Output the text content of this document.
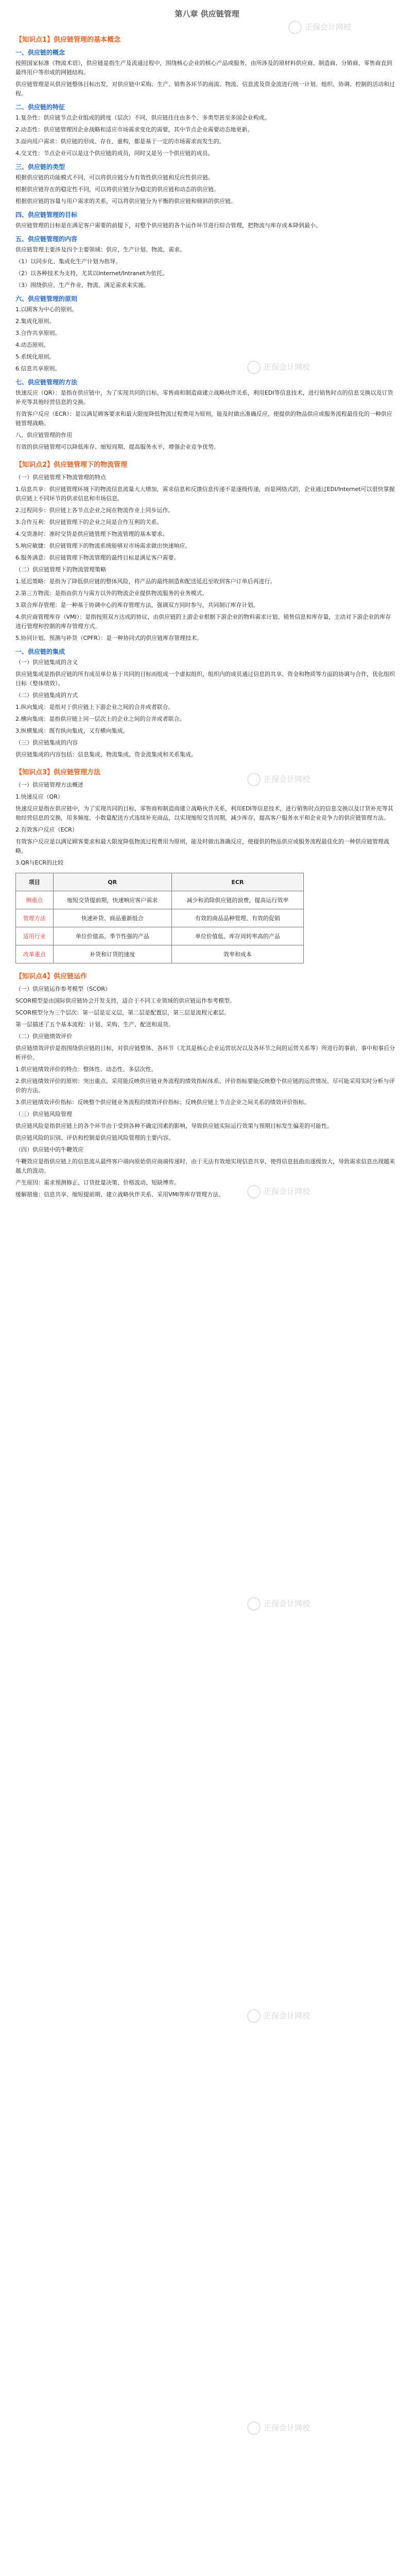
第八章 供应链管理
正保会计网校
正保会计网校
正保会计网校
正保会计网校
正保会计网校
正保会计网校
正保会计网校
【知识点1】供应链管理的基本概念

一、供应链的概念

按照国家标准《物流术语》，供应链是指生产及流通过程中，围绕核心企业的核心产品或服务，由所涉及的原材料供应商、制造商、分销商、零售商直到最终用户等形成的网链结构。

供应链管理是从供应链整体目标出发，对供应链中采购、生产、销售各环节的商流、物流、信息流及资金流进行统一计划、组织、协调、控制的活动和过程。

二、供应链的特征

1.复杂性：供应链节点企业组成的跨度（层次）不同，供应链往往由多个、多类型甚至多国企业构成。

2.动态性：供应链管理因企业战略和适应市场需求变化的需要，其中节点企业需要动态地更新。

3.面向用户需求：供应链的形成、存在、重构，都是基于一定的市场需求而发生的。

4.交叉性：节点企业可以是这个供应链的成员，同时又是另一个供应链的成员。

三、供应链的类型

根据供应链的功能模式不同，可以将供应链分为有效性供应链和反应性供应链。

根据供应链存在的稳定性不同，可以将供应链分为稳定的供应链和动态的供应链。

根据供应链的容量与用户需求的关系，可以将供应链分为平衡的供应链和倾斜的供应链。

四、供应链管理的目标

供应链管理的目标是在满足客户需要的前提下，对整个供应链的各个运作环节进行综合管理，把物流与库存成本降到最小。

五、供应链管理的内容

供应链管理主要涉及四个主要领域：供应、生产计划、物流、需求。

（1）以同步化、集成化生产计划为指导。

（2）以各种技术为支持，尤其以Internet/Intranet为依托。

（3）围绕供应、生产作业、物流、满足需求来实施。

六、供应链管理的原则

1.以顾客为中心的原则。

2.集成化原则。

3.合作共享原则。

4.动态原则。

5.系统化原则。

6.信息共享原则。

七、供应链管理的方法

快速反应（QR）：是指在供应链中，为了实现共同的目标，零售商和制造商建立战略伙伴关系，利用EDI等信息技术，进行销售时点的信息交换以及订货补充等其他经营信息的交换。

有效客户反应（ECR）：是以满足顾客要求和最大限度降低物流过程费用为原则，能及时做出准确反应，使提供的物品供应或服务流程最佳化的一种供应链管理战略。

八、供应链管理的作用

有效的供应链管理可以降低库存、缩短周期、提高服务水平，增强企业竞争优势。

【知识点2】供应链管理下的物流管理

（一）供应链管理下物流管理的特点

1.信息共享：供应链管理环境下的物流信息流量大大增加，需求信息和反馈信息传递不是逐级传递，而是网络式的，企业通过EDI/Internet可以很快掌握供应链上不同环节的供求信息和市场信息。

2.过程同步：供应链上各节点企业之间在物流作业上同步运作。

3.合作互利：供应链管理下的企业之间是合作互利的关系。

4.交货准时：准时交货是供应链管理下物流管理的基本要求。

5.响应敏捷：供应链管理下的物流系统能够对市场需求做出快速响应。

6.服务满意：供应链管理下物流管理的最终目标是满足客户需要。

（二）供应链管理下的物流管理策略

1.延迟策略：是指为了降低供应链的整体风险，将产品的最终制造和配送延迟至收到客户订单后再进行。

2.第三方物流：是指由供方与需方以外的物流企业提供物流服务的业务模式。

3.联合库存管理：是一种基于协调中心的库存管理方法，强调双方同时参与，共同制订库存计划。

4.供应商管理库存（VMI）：是指按照双方达成的协议，由供应链的上游企业根据下游企业的物料需求计划、销售信息和库存量，主动对下游企业的库存进行管理和控制的库存管理方式。

5.协同计划、预测与补货（CPFR）：是一种协同式的供应链库存管理技术。

一、供应链的集成

（一）供应链集成的含义

供应链集成是指供应链的所有成员单位基于共同的目标而组成一个虚拟组织，组织内的成员通过信息的共享、资金和物质等方面的协调与合作，优化组织目标（整体绩效）。

（二）供应链集成的方式

1.纵向集成：是指对于供应链上下游企业之间的合并或者联合。

2.横向集成：是指供应链上同一层次上的企业之间的合并或者联合。

3.纵横集成：既有纵向集成，又有横向集成。

（三）供应链集成的内容

供应链集成的内容包括：信息集成、物流集成、资金流集成和关系集成。

【知识点3】供应链管理方法

（一）供应链管理方法概述

1.快速反应（QR）

快速反应是指在供应链中，为了实现共同的目标，零售商和制造商建立战略伙伴关系，利用EDI等信息技术，进行销售时点的信息交换以及订货补充等其他经营信息的交换，用多频度、小数量配送方式连续补充商品，以实现缩短交货周期，减少库存，提高客户服务水平和企业竞争力的供应链管理方法。

2.有效客户反应（ECR）

有效客户反应是以满足顾客要求和最大限度降低物流过程费用为原则，能及时做出准确反应，使提供的物品供应或服务流程最佳化的一种供应链管理战略。

3.QR与ECR的比较

项目	QR	ECR
侧重点	缩短交货提前期，快速响应客户需求	减少和消除供应链的浪费，提高运行效率
管理方法	快速补货、商品重新组合	有效的商品品种管理、有效的促销
适用行业	单位价值高、季节性强的产品	单位价值低、库存周转率高的产品
改革重点	补货和订货的速度	效率和成本
【知识点4】供应链运作

（一）供应链运作参考模型（SCOR）

SCOR模型是由国际供应链协会开发支持，适合于不同工业领域的供应链运作参考模型。

SCOR模型分为三个层次：第一层是定义层，第二层是配置层，第三层是流程元素层。

第一层描述了五个基本流程：计划、采购、生产、配送和退货。

（二）供应链绩效评价

供应链绩效评价是指围绕供应链的目标，对供应链整体、各环节（尤其是核心企业运营状况以及各环节之间的运营关系等）所进行的事前、事中和事后分析评价。

1.供应链绩效评价的特点：整体性、动态性、多层次性。

2.供应链绩效评价的原则：突出重点、采用能反映供应链业务流程的绩效指标体系、评价指标要能反映整个供应链的运营情况、尽可能采用实时分析与评价的方法。

3.供应链绩效评价指标：反映整个供应链业务流程的绩效评价指标；反映供应链上节点企业之间关系的绩效评价指标。

（三）供应链风险管理

供应链风险是指供应链上的各个环节由于受到各种不确定因素的影响，导致供应链实际运行效果与预期目标发生偏差的可能性。

供应链风险的识别、评估和控制是供应链风险管理的主要内容。

（四）供应链中的牛鞭效应

牛鞭效应是指供应链上的信息流从最终客户端向原始供应商端传递时，由于无法有效地实现信息共享，使得信息扭曲而逐级放大，导致需求信息出现越来越大的波动。

产生原因：需求预测修正、订货批量决策、价格波动、短缺博弈。

缓解措施：信息共享、缩短提前期、建立战略伙伴关系、采用VMI等库存管理方法。
